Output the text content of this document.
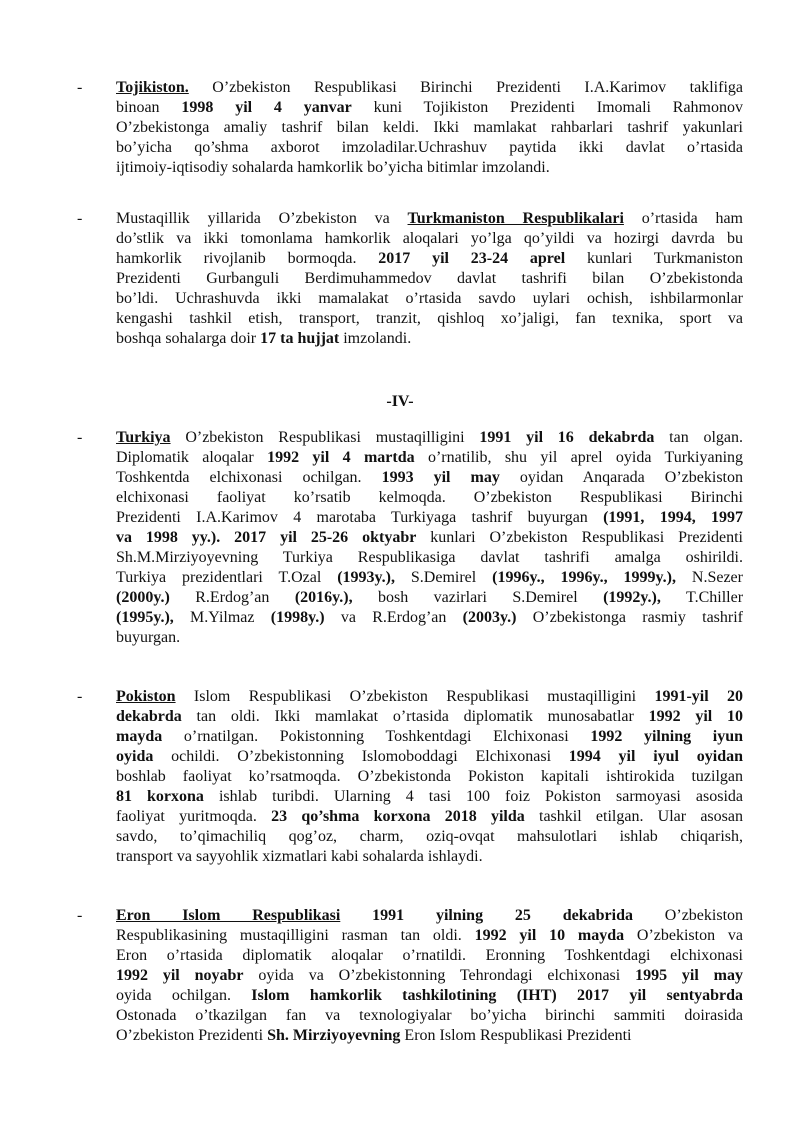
- Tojikiston. O’zbekiston Respublikasi Birinchi Prezidenti I.A.Karimov taklifiga
binoan 1998 yil 4 yanvar kuni Tojikiston Prezidenti Imomali Rahmonov
O’zbekistonga amaliy tashrif bilan keldi. Ikki mamlakat rahbarlari tashrif yakunlari
bo’yicha qo’shma axborot imzoladilar.Uchrashuv paytida ikki davlat o’rtasida
ijtimoiy-iqtisodiy sohalarda hamkorlik bo’yicha bitimlar imzolandi.
- Mustaqillik yillarida O’zbekiston va Turkmaniston Respublikalari o’rtasida ham
do’stlik va ikki tomonlama hamkorlik aloqalari yo’lga qo’yildi va hozirgi davrda bu
hamkorlik rivojlanib bormoqda. 2017 yil 23-24 aprel kunlari Turkmaniston
Prezidenti Gurbanguli Berdimuhammedov davlat tashrifi bilan O’zbekistonda
bo’ldi. Uchrashuvda ikki mamalakat o’rtasida savdo uylari ochish, ishbilarmonlar
kengashi tashkil etish, transport, tranzit, qishloq xo’jaligi, fan texnika, sport va
boshqa sohalarga doir 17 ta hujjat imzolandi.
-IV-
- Turkiya O’zbekiston Respublikasi mustaqilligini 1991 yil 16 dekabrda tan olgan.
Diplomatik aloqalar 1992 yil 4 martda o’rnatilib, shu yil aprel oyida Turkiyaning
Toshkentda elchixonasi ochilgan. 1993 yil may oyidan Anqarada O’zbekiston
elchixonasi faoliyat ko’rsatib kelmoqda. O’zbekiston Respublikasi Birinchi
Prezidenti I.A.Karimov 4 marotaba Turkiyaga tashrif buyurgan (1991, 1994, 1997
va 1998 yy.). 2017 yil 25-26 oktyabr kunlari O’zbekiston Respublikasi Prezidenti
Sh.M.Mirziyoyevning Turkiya Respublikasiga davlat tashrifi amalga oshirildi.
Turkiya prezidentlari T.Ozal (1993y.), S.Demirel (1996y., 1996y., 1999y.), N.Sezer
(2000y.) R.Erdog’an (2016y.), bosh vazirlari S.Demirel (1992y.), T.Chiller
(1995y.), M.Yilmaz (1998y.) va R.Erdog’an (2003y.) O’zbekistonga rasmiy tashrif
buyurgan.
- Pokiston Islom Respublikasi O’zbekiston Respublikasi mustaqilligini 1991-yil 20
dekabrda tan oldi. Ikki mamlakat o’rtasida diplomatik munosabatlar 1992 yil 10
mayda o’rnatilgan. Pokistonning Toshkentdagi Elchixonasi 1992 yilning iyun
oyida ochildi. O’zbekistonning Islomoboddagi Elchixonasi 1994 yil iyul oyidan
boshlab faoliyat ko’rsatmoqda. O’zbekistonda Pokiston kapitali ishtirokida tuzilgan
81 korxona ishlab turibdi. Ularning 4 tasi 100 foiz Pokiston sarmoyasi asosida
faoliyat yuritmoqda. 23 qo’shma korxona 2018 yilda tashkil etilgan. Ular asosan
savdo, to’qimachiliq qog’oz, charm, oziq-ovqat mahsulotlari ishlab chiqarish,
transport va sayyohlik xizmatlari kabi sohalarda ishlaydi.
- Eron Islom Respublikasi 1991 yilning 25 dekabrida O’zbekiston
Respublikasining mustaqilligini rasman tan oldi. 1992 yil 10 mayda O’zbekiston va
Eron o’rtasida diplomatik aloqalar o’rnatildi. Eronning Toshkentdagi elchixonasi
1992 yil noyabr oyida va O’zbekistonning Tehrondagi elchixonasi 1995 yil may
oyida ochilgan. Islom hamkorlik tashkilotining (IHT) 2017 yil sentyabrda
Ostonada o’tkazilgan fan va texnologiyalar bo’yicha birinchi sammiti doirasida
O’zbekiston Prezidenti Sh. Mirziyoyevning Eron Islom Respublikasi Prezidenti
